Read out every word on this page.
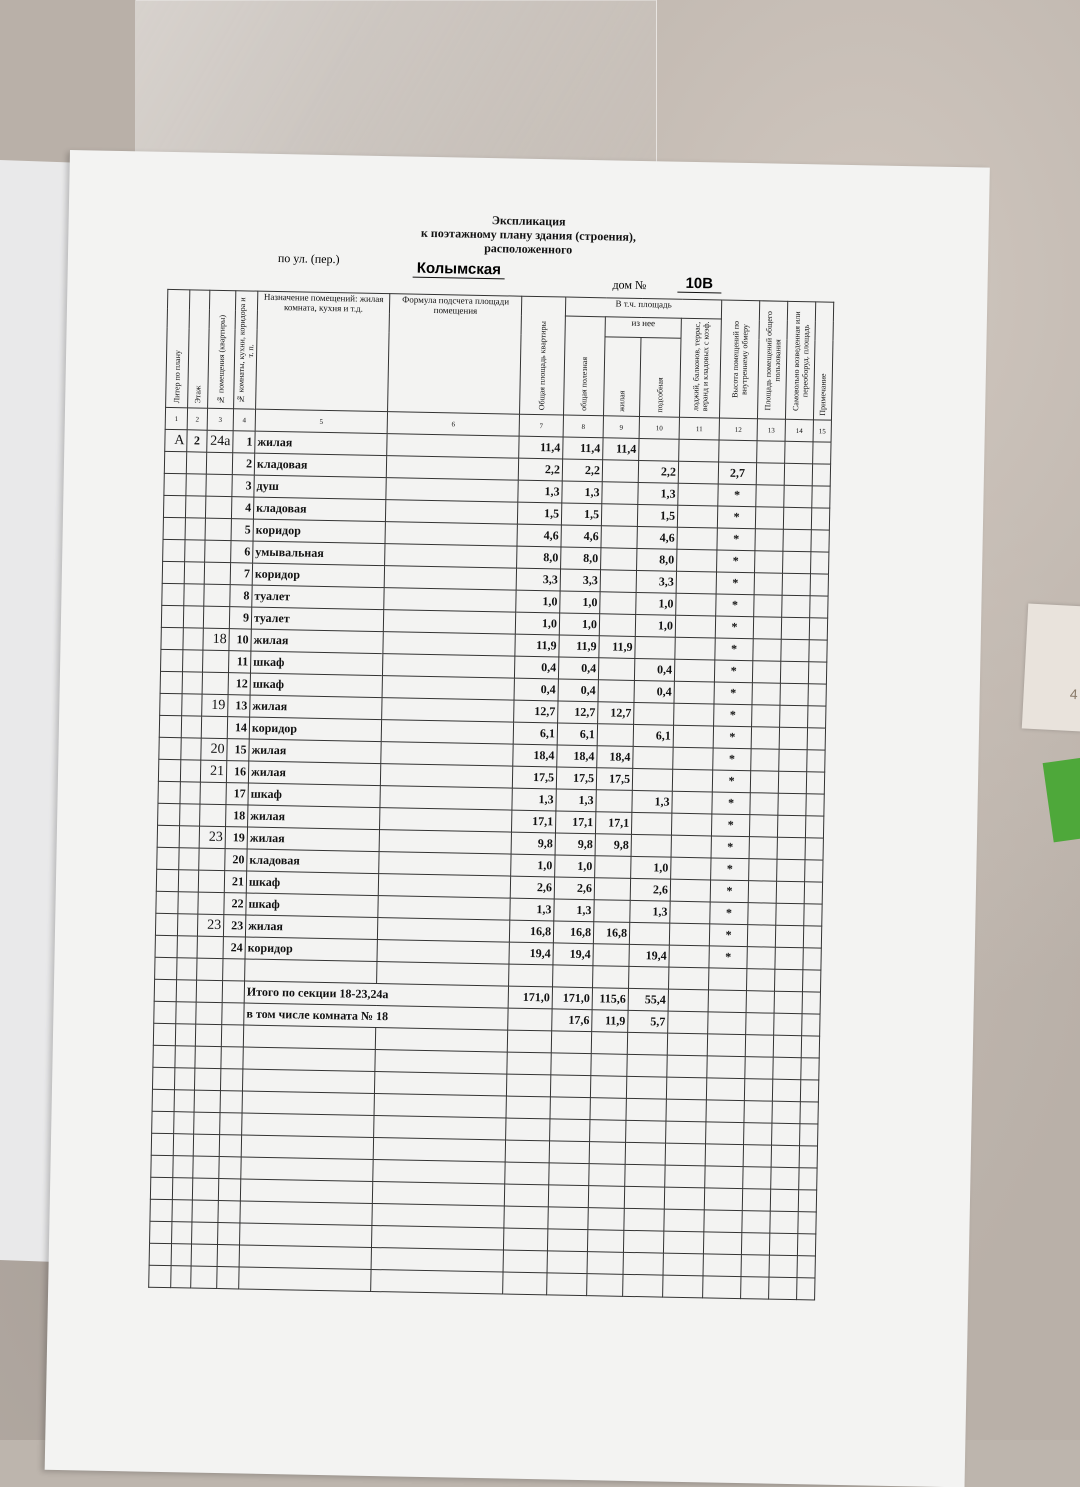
4
Экспликация
к поэтажному плану здания (строения),
расположенного
по ул. (пер.)
Колымская
дом №	10В
Литер по плану	Этаж	№ помещения (квартиры)	№ комнаты, кухни, коридора и т. п.	Назначение помещений: жилая комната, кухня и т.д.	Формула подсчета площади помещения	Общая площадь квартиры	В т.ч. площадь				Высота помещений по внутреннему обмеру	Площадь помещений общего пользования	Самовольно возведенная или переоборуд. площадь	Примечание
							общая полезная	из нее		лоджий, балконов, террас, веранд и кладовых с коэф.				
								жилая	подсобная					
1	2	3	4	5	6	7	8	9	10	11	12	13	14	15
А	2	24а	1	жилая		11,4	11,4	11,4						
			2	кладовая		2,2	2,2		2,2		2,7			
			3	душ		1,3	1,3		1,3		*			
			4	кладовая		1,5	1,5		1,5		*			
			5	коридор		4,6	4,6		4,6		*			
			6	умывальная		8,0	8,0		8,0		*			
			7	коридор		3,3	3,3		3,3		*			
			8	туалет		1,0	1,0		1,0		*			
			9	туалет		1,0	1,0		1,0		*			
		18	10	жилая		11,9	11,9	11,9			*			
			11	шкаф		0,4	0,4		0,4		*			
			12	шкаф		0,4	0,4		0,4		*			
		19	13	жилая		12,7	12,7	12,7			*			
			14	коридор		6,1	6,1		6,1		*			
		20	15	жилая		18,4	18,4	18,4			*			
		21	16	жилая		17,5	17,5	17,5			*			
			17	шкаф		1,3	1,3		1,3		*			
			18	жилая		17,1	17,1	17,1			*			
		23	19	жилая		9,8	9,8	9,8			*			
			20	кладовая		1,0	1,0		1,0		*			
			21	шкаф		2,6	2,6		2,6		*			
			22	шкаф		1,3	1,3		1,3		*			
		23	23	жилая		16,8	16,8	16,8			*			
			24	коридор		19,4	19,4		19,4		*			

				Итого по секции 18-23,24а		171,0	171,0	115,6	55,4					
				в том числе комната № 18			17,6	11,9	5,7					
